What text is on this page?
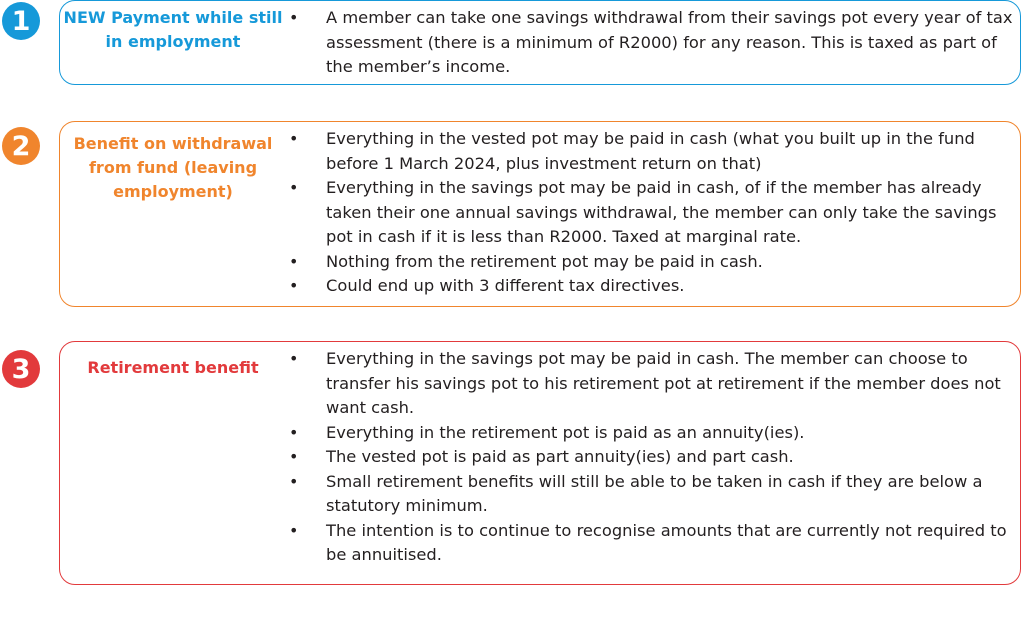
1	NEW Payment while still in employment
• A member can take one savings withdrawal from their savings pot every year of tax assessment (there is a minimum of R2000) for any reason. This is taxed as part of the member’s income.
2	Benefit on withdrawal from fund (leaving employment)
• Everything in the vested pot may be paid in cash (what you built up in the fund before 1 March 2024, plus investment return on that)
• Everything in the savings pot may be paid in cash, of if the member has already taken their one annual savings withdrawal, the member can only take the savings pot in cash if it is less than R2000. Taxed at marginal rate.
• Nothing from the retirement pot may be paid in cash.
• Could end up with 3 different tax directives.
3	Retirement benefit
•	Everything in the savings pot may be paid in cash. The member can choose to transfer his savings pot to his retirement pot at retirement if the member does not want cash.
• Everything in the retirement pot is paid as an annuity(ies).
• The vested pot is paid as part annuity(ies) and part cash.
• Small retirement benefits will still be able to be taken in cash if they are below a statutory minimum.
• The intention is to continue to recognise amounts that are currently not required to be annuitised.
